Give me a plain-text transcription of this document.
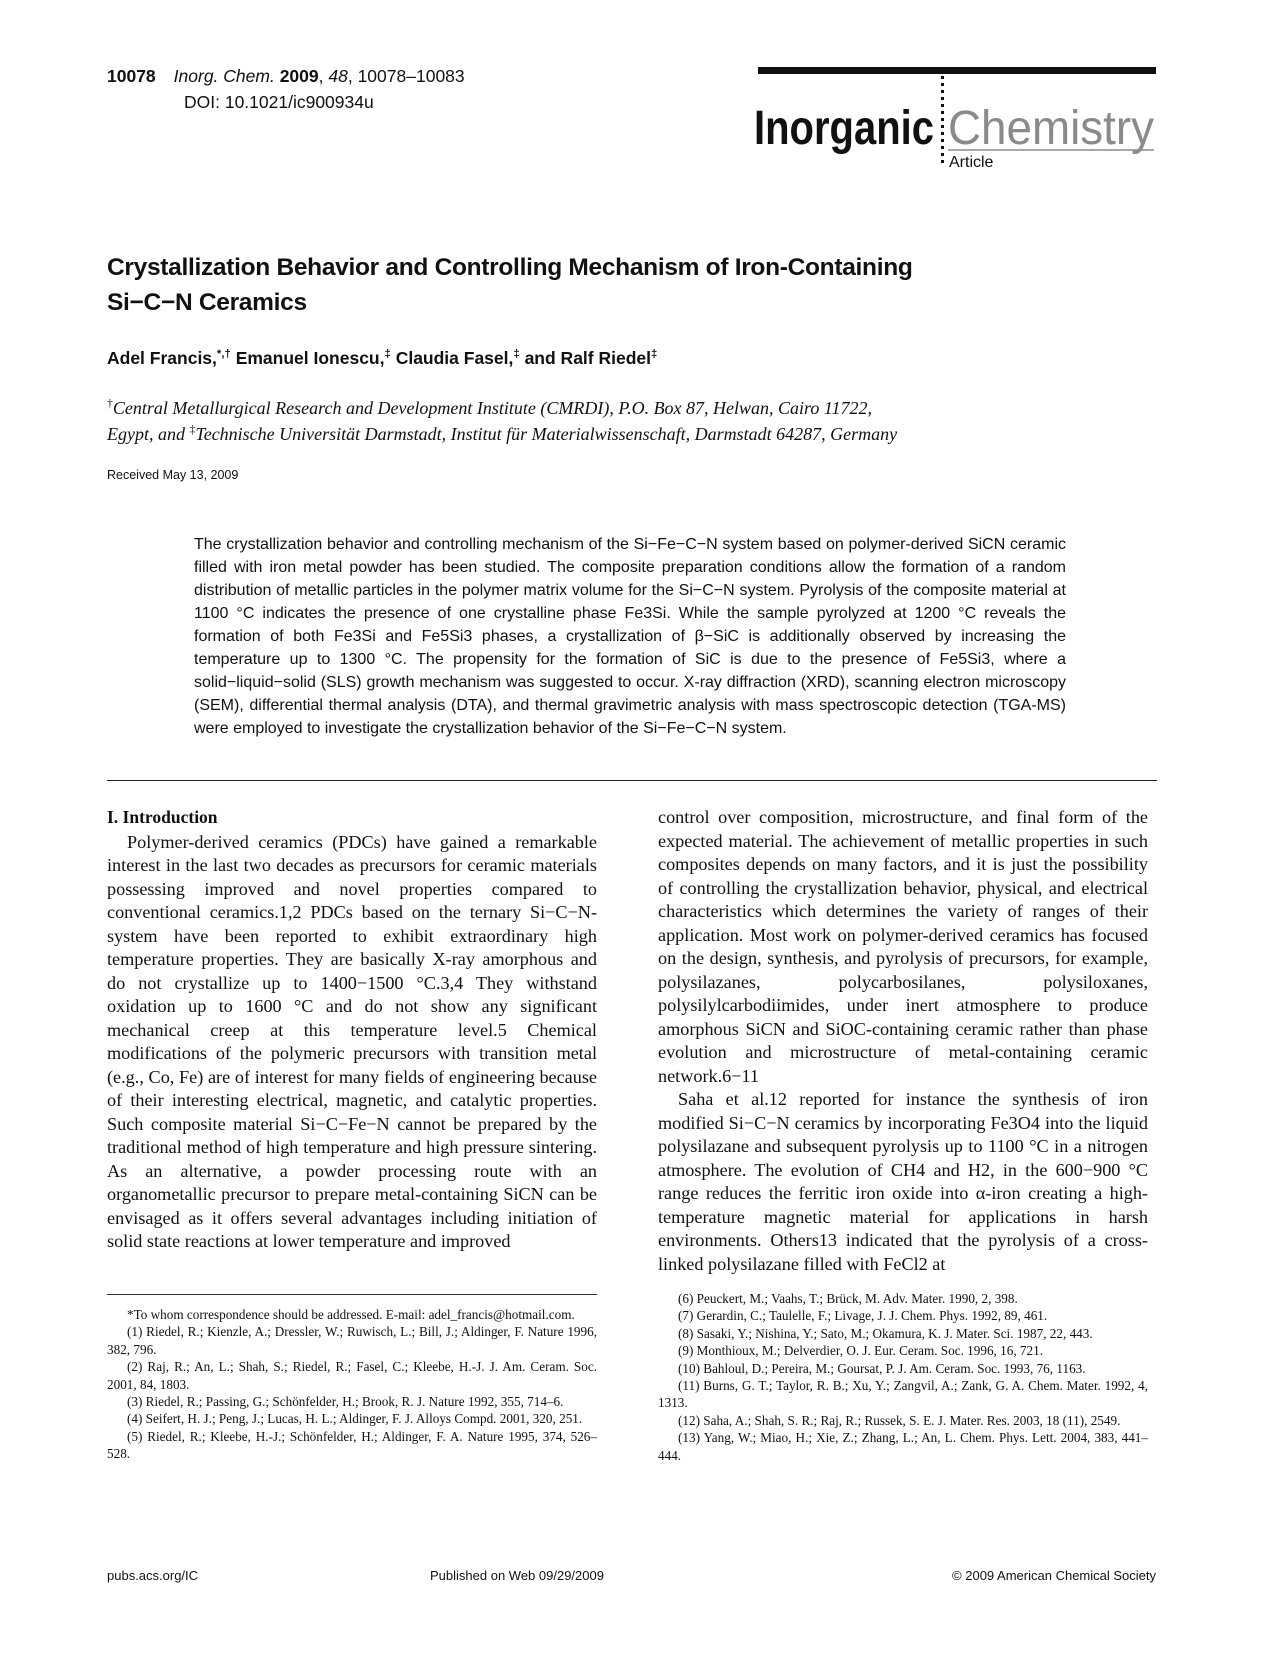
10078 Inorg. Chem. 2009, 48, 10078–10083
DOI: 10.1021/ic900934u	Inorganic Chemistry
Article
Crystallization Behavior and Controlling Mechanism of Iron-Containing Si−C−N Ceramics
Adel Francis,*,† Emanuel Ionescu,‡ Claudia Fasel,‡ and Ralf Riedel‡
†Central Metallurgical Research and Development Institute (CMRDI), P.O. Box 87, Helwan, Cairo 11722,
Egypt, and ‡Technische Universität Darmstadt, Institut für Materialwissenschaft, Darmstadt 64287, Germany
Received May 13, 2009
The crystallization behavior and controlling mechanism of the Si−Fe−C−N system based on polymer-derived SiCN ceramic filled with iron metal powder has been studied. The composite preparation conditions allow the formation of a random distribution of metallic particles in the polymer matrix volume for the Si−C−N system. Pyrolysis of the composite material at 1100 °C indicates the presence of one crystalline phase Fe3Si. While the sample pyrolyzed at 1200 °C reveals the formation of both Fe3Si and Fe5Si3 phases, a crystallization of β−SiC is additionally observed by increasing the temperature up to 1300 °C. The propensity for the formation of SiC is due to the presence of Fe5Si3, where a solid−liquid−solid (SLS) growth mechanism was suggested to occur. X-ray diffraction (XRD), scanning electron microscopy (SEM), differential thermal analysis (DTA), and thermal gravimetric analysis with mass spectroscopic detection (TGA-MS) were employed to investigate the crystallization behavior of the Si−Fe−C−N system.

I. Introduction

Polymer-derived ceramics (PDCs) have gained a remarkable interest in the last two decades as precursors for ceramic materials possessing improved and novel properties compared to conventional ceramics.1,2 PDCs based on the ternary Si−C−N-system have been reported to exhibit extraordinary high temperature properties. They are basically X-ray amorphous and do not crystallize up to 1400−1500 °C.3,4 They withstand oxidation up to 1600 °C and do not show any significant mechanical creep at this temperature level.5 Chemical modifications of the polymeric precursors with transition metal (e.g., Co, Fe) are of interest for many fields of engineering because of their interesting electrical, magnetic, and catalytic properties. Such composite material Si−C−Fe−N cannot be prepared by the traditional method of high temperature and high pressure sintering. As an alternative, a powder processing route with an organometallic precursor to prepare metal-containing SiCN can be envisaged as it offers several advantages including initiation of solid state reactions at lower temperature and improved

control over composition, microstructure, and final form of the expected material. The achievement of metallic properties in such composites depends on many factors, and it is just the possibility of controlling the crystallization behavior, physical, and electrical characteristics which determines the variety of ranges of their application. Most work on polymer-derived ceramics has focused on the design, synthesis, and pyrolysis of precursors, for example, polysilazanes, polycarbosilanes, polysiloxanes, polysilylcarbodiimides, under inert atmosphere to produce amorphous SiCN and SiOC-containing ceramic rather than phase evolution and microstructure of metal-containing ceramic network.6−11

Saha et al.12 reported for instance the synthesis of iron modified Si−C−N ceramics by incorporating Fe3O4 into the liquid polysilazane and subsequent pyrolysis up to 1100 °C in a nitrogen atmosphere. The evolution of CH4 and H2, in the 600−900 °C range reduces the ferritic iron oxide into α-iron creating a high-temperature magnetic material for applications in harsh environments. Others13 indicated that the pyrolysis of a cross-linked polysilazane filled with FeCl2 at

*To whom correspondence should be addressed. E-mail: adel_francis@hotmail.com.

(1) Riedel, R.; Kienzle, A.; Dressler, W.; Ruwisch, L.; Bill, J.; Aldinger, F. Nature 1996, 382, 796.

(2) Raj, R.; An, L.; Shah, S.; Riedel, R.; Fasel, C.; Kleebe, H.-J. J. Am. Ceram. Soc. 2001, 84, 1803.

(3) Riedel, R.; Passing, G.; Schönfelder, H.; Brook, R. J. Nature 1992, 355, 714–6.

(4) Seifert, H. J.; Peng, J.; Lucas, H. L.; Aldinger, F. J. Alloys Compd. 2001, 320, 251.

(5) Riedel, R.; Kleebe, H.-J.; Schönfelder, H.; Aldinger, F. A. Nature 1995, 374, 526–528.

(6) Peuckert, M.; Vaahs, T.; Brück, M. Adv. Mater. 1990, 2, 398.

(7) Gerardin, C.; Taulelle, F.; Livage, J. J. Chem. Phys. 1992, 89, 461.

(8) Sasaki, Y.; Nishina, Y.; Sato, M.; Okamura, K. J. Mater. Sci. 1987, 22, 443.

(9) Monthioux, M.; Delverdier, O. J. Eur. Ceram. Soc. 1996, 16, 721.

(10) Bahloul, D.; Pereira, M.; Goursat, P. J. Am. Ceram. Soc. 1993, 76, 1163.

(11) Burns, G. T.; Taylor, R. B.; Xu, Y.; Zangvil, A.; Zank, G. A. Chem. Mater. 1992, 4, 1313.

(12) Saha, A.; Shah, S. R.; Raj, R.; Russek, S. E. J. Mater. Res. 2003, 18 (11), 2549.

(13) Yang, W.; Miao, H.; Xie, Z.; Zhang, L.; An, L. Chem. Phys. Lett. 2004, 383, 441–444.

pubs.acs.org/IC	Published on Web 09/29/2009	© 2009 American Chemical Society
